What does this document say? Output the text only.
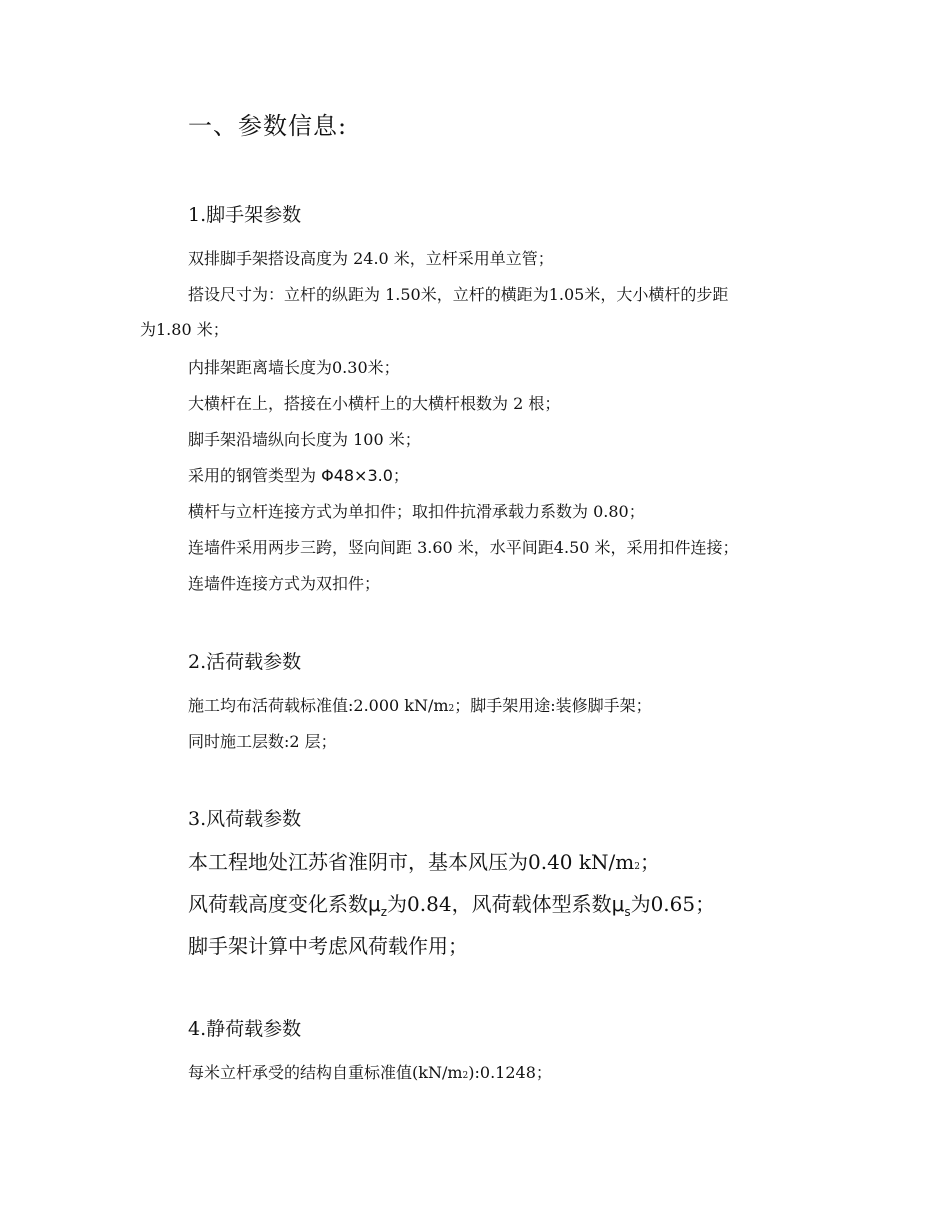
一、参数信息:
1.脚手架参数
双排脚手架搭设高度为 24.0 米，立杆采用单立管；
搭设尺寸为：立杆的纵距为 1.50米，立杆的横距为1.05米，大小横杆的步距
为1.80 米；
内排架距离墙长度为0.30米；
大横杆在上，搭接在小横杆上的大横杆根数为 2 根；
脚手架沿墙纵向长度为 100 米；
采用的钢管类型为 Φ48×3.0；
横杆与立杆连接方式为单扣件；取扣件抗滑承载力系数为 0.80；
连墙件采用两步三跨，竖向间距 3.60 米，水平间距4.50 米，采用扣件连接；
连墙件连接方式为双扣件；
2.活荷载参数
施工均布活荷载标准值:2.000 kN/m2；脚手架用途:装修脚手架；
同时施工层数:2 层；
3.风荷载参数
本工程地处江苏省淮阴市，基本风压为0.40 kN/m2；
风荷载高度变化系数$\mu_z$为0.84，风荷载体型系数$\mu_s$为0.65；
脚手架计算中考虑风荷载作用；
4.静荷载参数
每米立杆承受的结构自重标准值(kN/m2):0.1248；
